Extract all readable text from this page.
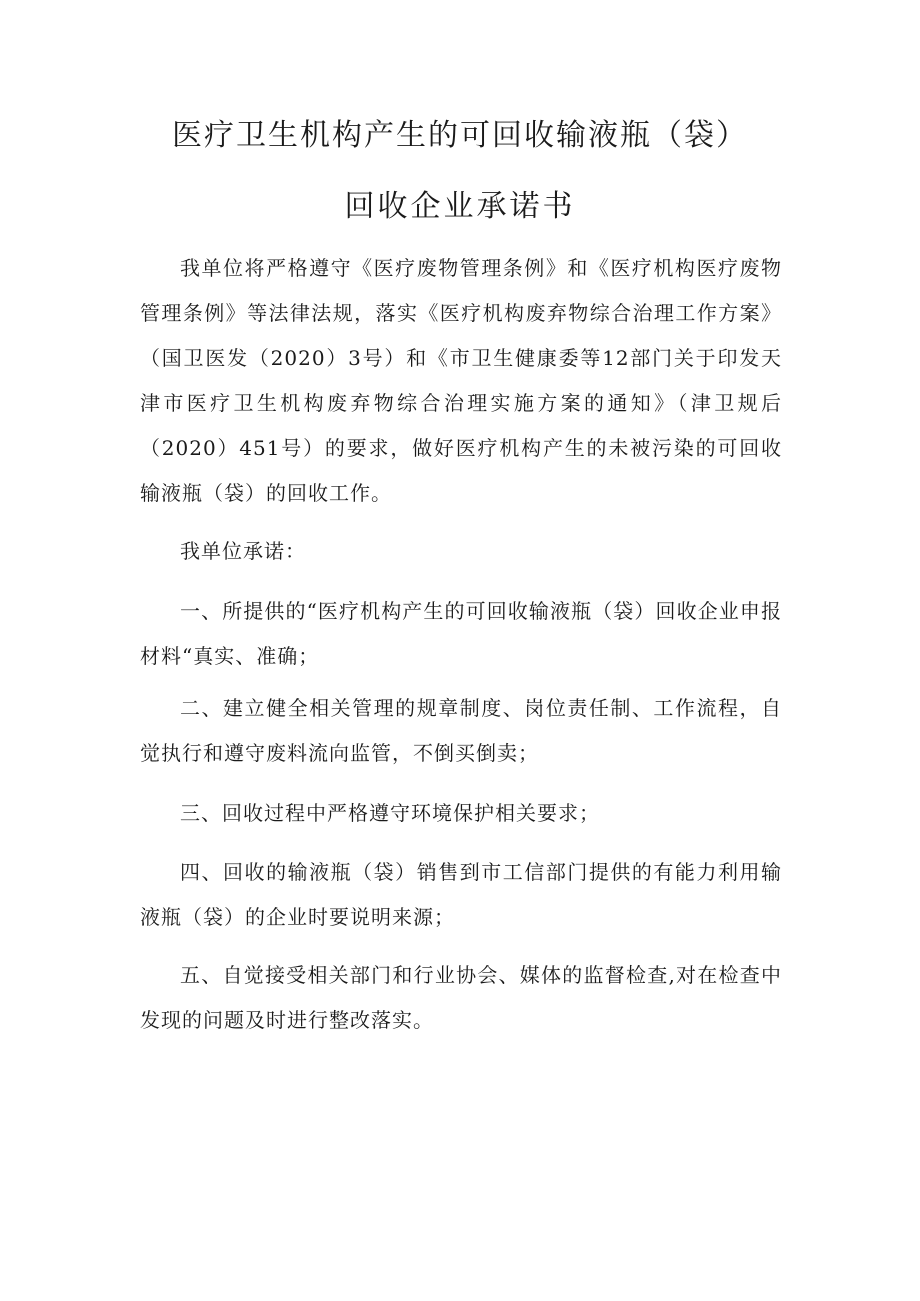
医疗卫生机构产生的可回收输液瓶（袋）
回收企业承诺书

我单位将严格遵守《医疗废物管理条例》和《医疗机构医疗废物管理条例》等法律法规，落实《医疗机构废弃物综合治理工作方案》（国卫医发（2020）3号）和《市卫生健康委等12部门关于印发天津市医疗卫生机构废弃物综合治理实施方案的通知》（津卫规后（2020）451号）的要求，做好医疗机构产生的未被污染的可回收输液瓶（袋）的回收工作。

我单位承诺：

一、所提供的“医疗机构产生的可回收输液瓶（袋）回收企业申报材料“真实、准确；

二、建立健全相关管理的规章制度、岗位责任制、工作流程，自觉执行和遵守废料流向监管，不倒买倒卖；

三、回收过程中严格遵守环境保护相关要求；

四、回收的输液瓶（袋）销售到市工信部门提供的有能力利用输液瓶（袋）的企业时要说明来源；

五、自觉接受相关部门和行业协会、媒体的监督检查,对在检查中发现的问题及时进行整改落实。
